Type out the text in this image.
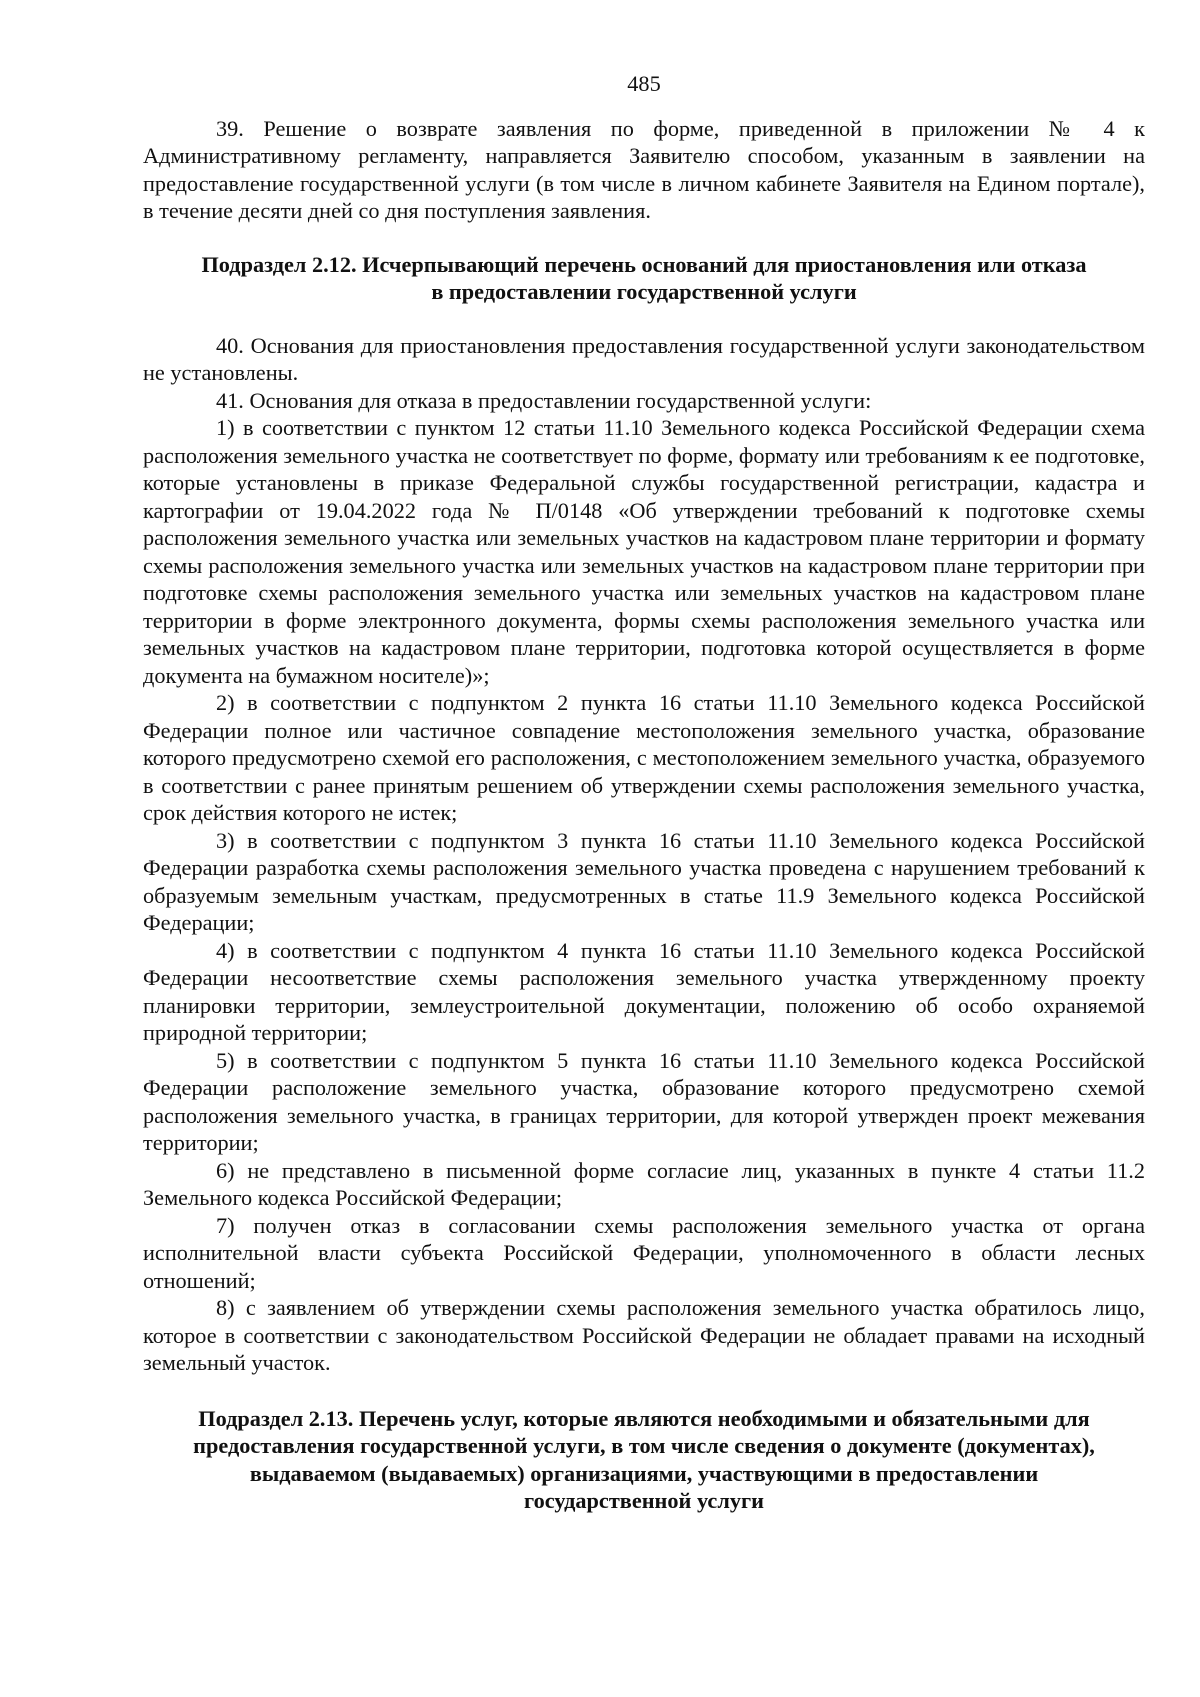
485

39. Решение о возврате заявления по форме, приведенной в приложении № 4 к Административному регламенту, направляется Заявителю способом, указанным в заявлении на предоставление государственной услуги (в том числе в личном кабинете Заявителя на Едином портале), в течение десяти дней со дня поступления заявления.

Подраздел 2.12. Исчерпывающий перечень оснований для приостановления или отказа
в предоставлении государственной услуги

40. Основания для приостановления предоставления государственной услуги законодательством не установлены.

41. Основания для отказа в предоставлении государственной услуги:

1) в соответствии с пунктом 12 статьи 11.10 Земельного кодекса Российской Федерации схема расположения земельного участка не соответствует по форме, формату или требованиям к ее подготовке, которые установлены в приказе Федеральной службы государственной регистрации, кадастра и картографии от 19.04.2022 года № П/0148 «Об утверждении требований к подготовке схемы расположения земельного участка или земельных участков на кадастровом плане территории и формату схемы расположения земельного участка или земельных участков на кадастровом плане территории при подготовке схемы расположения земельного участка или земельных участков на кадастровом плане территории в форме электронного документа, формы схемы расположения земельного участка или земельных участков на кадастровом плане территории, подготовка которой осуществляется в форме документа на бумажном носителе)»;

2) в соответствии с подпунктом 2 пункта 16 статьи 11.10 Земельного кодекса Российской Федерации полное или частичное совпадение местоположения земельного участка, образование которого предусмотрено схемой его расположения, с местоположением земельного участка, образуемого в соответствии с ранее принятым решением об утверждении схемы расположения земельного участка, срок действия которого не истек;

3) в соответствии с подпунктом 3 пункта 16 статьи 11.10 Земельного кодекса Российской Федерации разработка схемы расположения земельного участка проведена с нарушением требований к образуемым земельным участкам, предусмотренных в статье 11.9 Земельного кодекса Российской Федерации;

4) в соответствии с подпунктом 4 пункта 16 статьи 11.10 Земельного кодекса Российской Федерации несоответствие схемы расположения земельного участка утвержденному проекту планировки территории, землеустроительной документации, положению об особо охраняемой природной территории;

5) в соответствии с подпунктом 5 пункта 16 статьи 11.10 Земельного кодекса Российской Федерации расположение земельного участка, образование которого предусмотрено схемой расположения земельного участка, в границах территории, для которой утвержден проект межевания территории;

6) не представлено в письменной форме согласие лиц, указанных в пункте 4 статьи 11.2 Земельного кодекса Российской Федерации;

7) получен отказ в согласовании схемы расположения земельного участка от органа исполнительной власти субъекта Российской Федерации, уполномоченного в области лесных отношений;

8) с заявлением об утверждении схемы расположения земельного участка обратилось лицо, которое в соответствии с законодательством Российской Федерации не обладает правами на исходный земельный участок.

Подраздел 2.13. Перечень услуг, которые являются необходимыми и обязательными для
предоставления государственной услуги, в том числе сведения о документе (документах),
выдаваемом (выдаваемых) организациями, участвующими в предоставлении
государственной услуги
